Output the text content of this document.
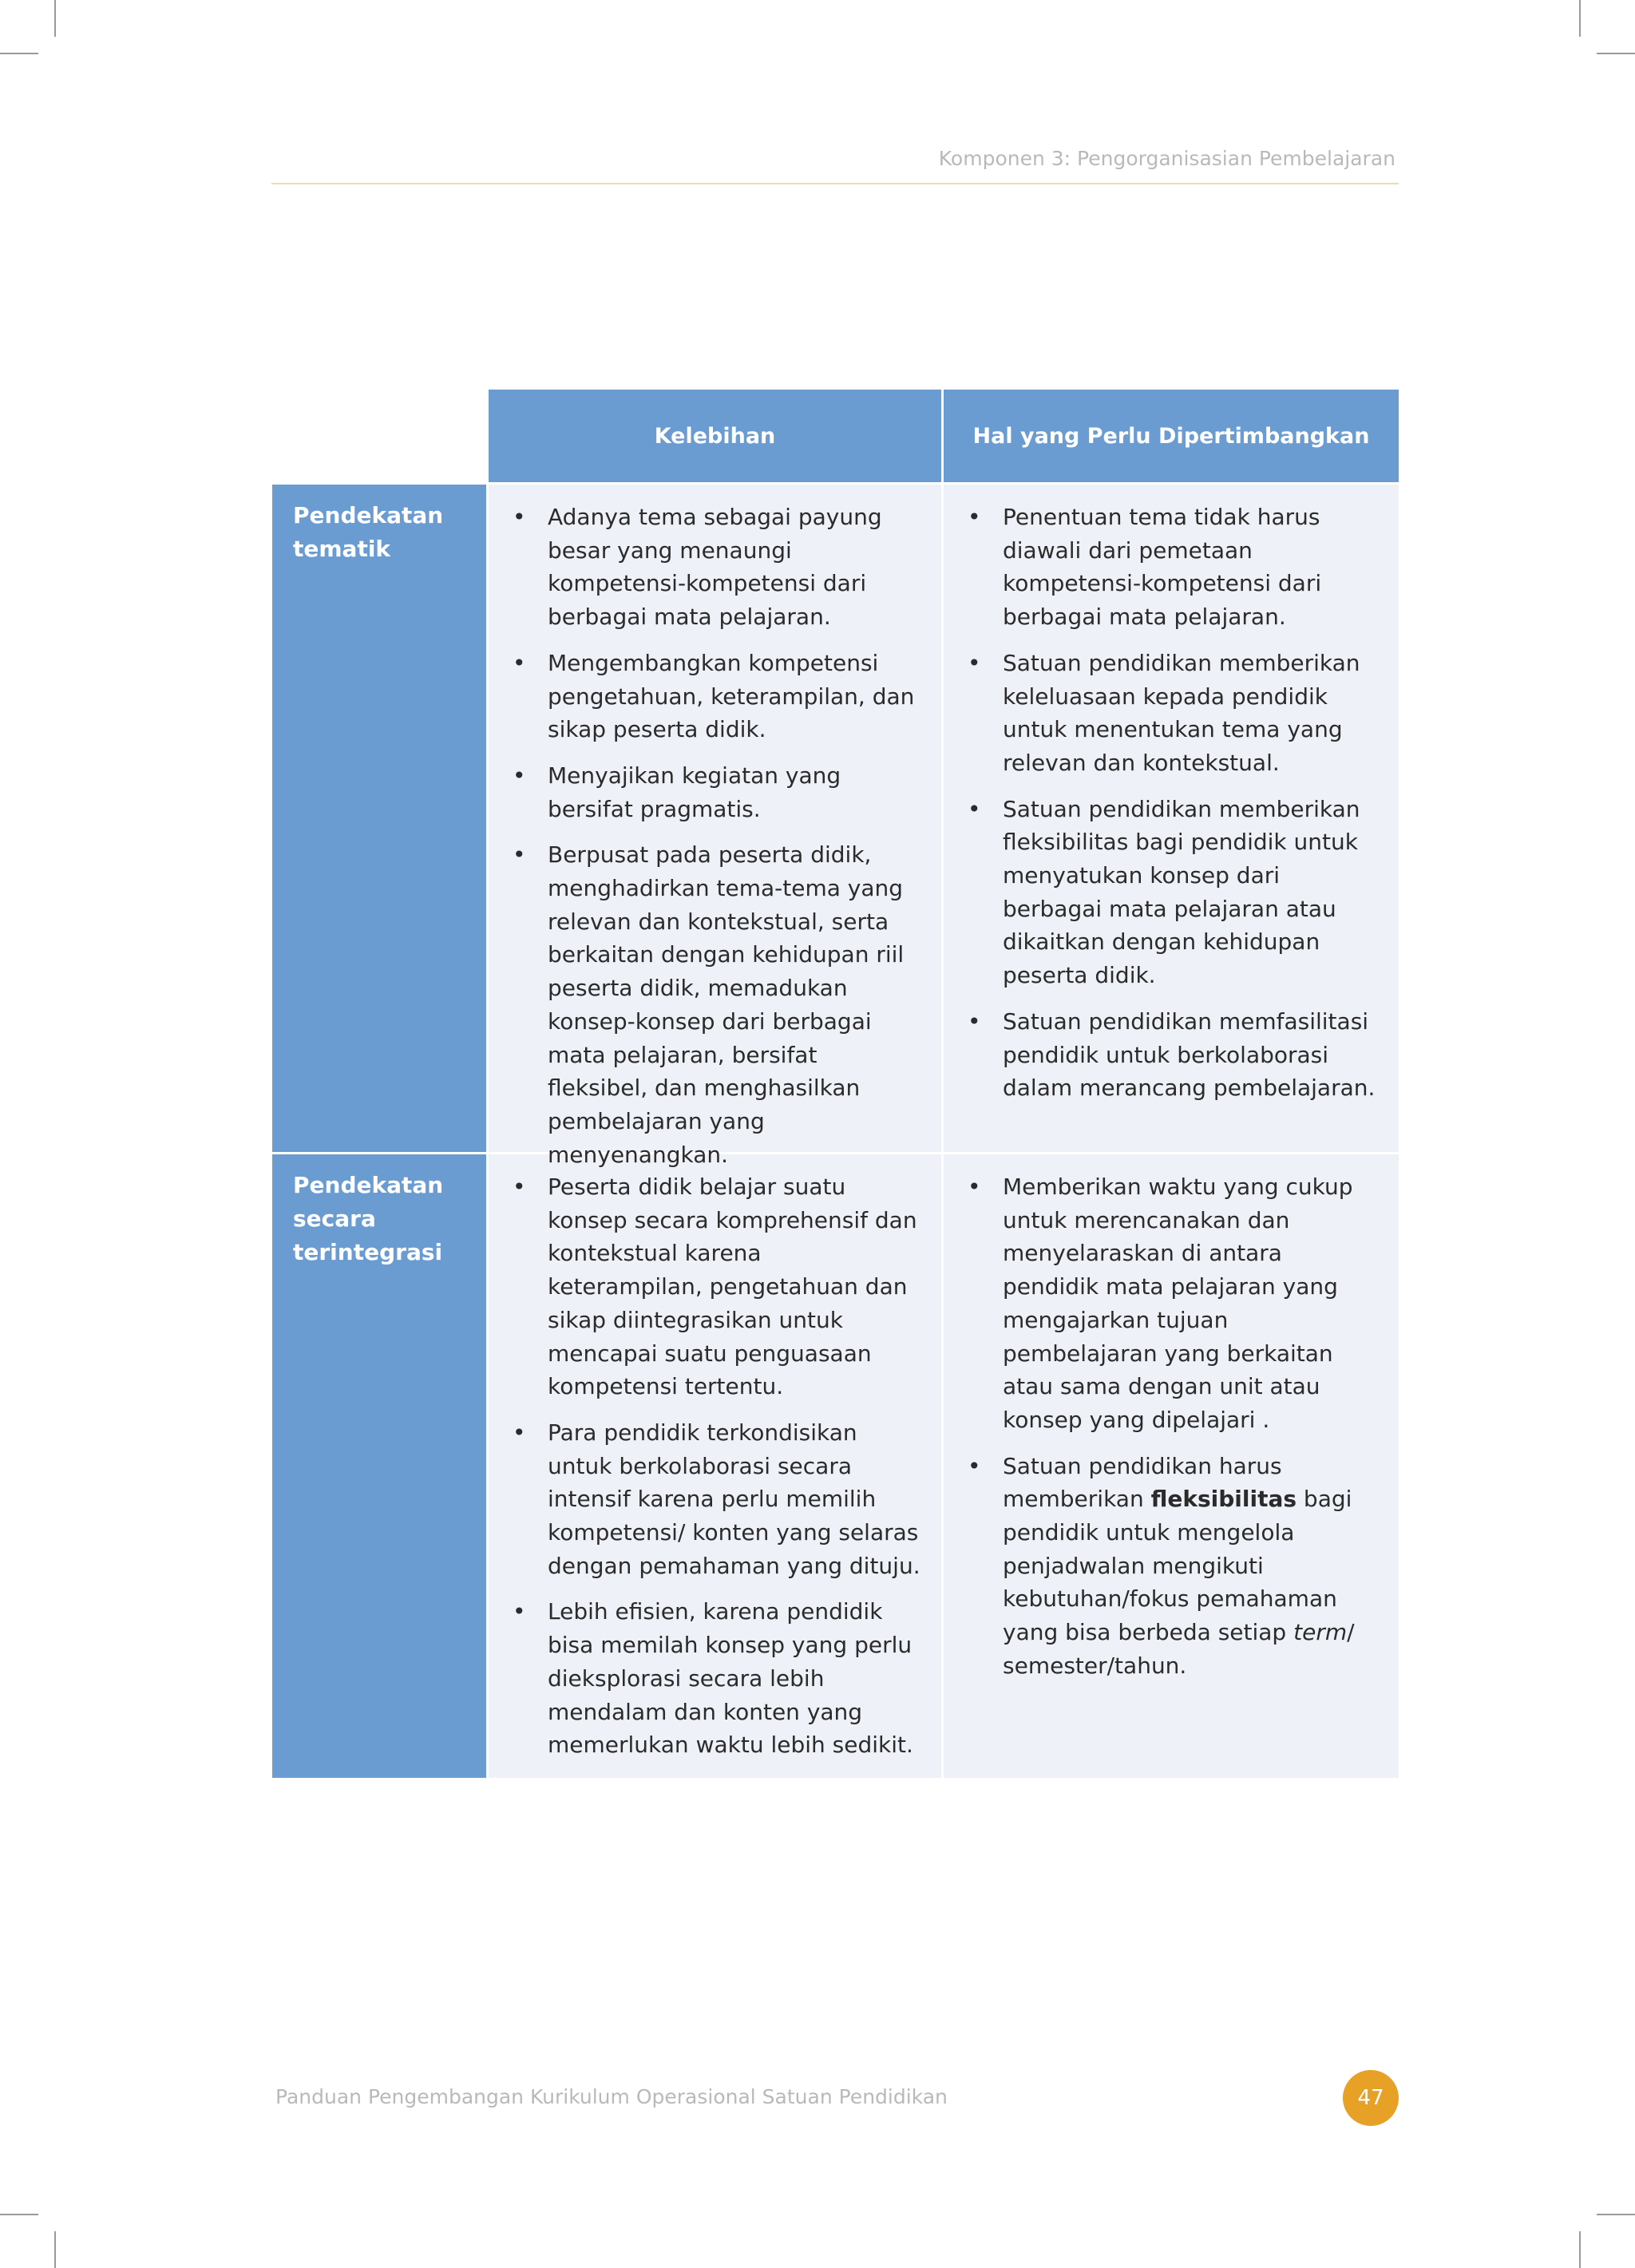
Komponen 3: Pengorganisasian Pembelajaran
Kelebihan	Hal yang Perlu Dipertimbangkan
Pendekatan
tematik
• Adanya tema sebagai payung besar yang menaungi kompetensi-kompetensi dari berbagai mata pelajaran.
• Mengembangkan kompetensi pengetahuan, keterampilan, dan sikap peserta didik.
• Menyajikan kegiatan yang bersifat pragmatis.
• Berpusat pada peserta didik, menghadirkan tema-tema yang relevan dan kontekstual, serta berkaitan dengan kehidupan riil peserta didik, memadukan konsep-konsep dari berbagai mata pelajaran, bersifat fleksibel, dan menghasilkan pembelajaran yang menyenangkan.
• Penentuan tema tidak harus diawali dari pemetaan kompetensi-kompetensi dari berbagai mata pelajaran.
• Satuan pendidikan memberikan keleluasaan kepada pendidik untuk menentukan tema yang relevan dan kontekstual.
• Satuan pendidikan memberikan fleksibilitas bagi pendidik untuk menyatukan konsep dari berbagai mata pelajaran atau dikaitkan dengan kehidupan peserta didik.
• Satuan pendidikan memfasilitasi pendidik untuk berkolaborasi dalam merancang pembelajaran.
Pendekatan
secara
terintegrasi
• Peserta didik belajar suatu konsep secara komprehensif dan kontekstual karena keterampilan, pengetahuan dan sikap diintegrasikan untuk mencapai suatu penguasaan kompetensi tertentu.
• Para pendidik terkondisikan untuk berkolaborasi secara intensif karena perlu memilih kompetensi/ konten yang selaras dengan pemahaman yang dituju.
• Lebih efisien, karena pendidik bisa memilah konsep yang perlu dieksplorasi secara lebih mendalam dan konten yang memerlukan waktu lebih sedikit.
• Memberikan waktu yang cukup untuk merencanakan dan menyelaraskan di antara pendidik mata pelajaran yang mengajarkan tujuan pembelajaran yang berkaitan atau sama dengan unit atau konsep yang dipelajari .
• Satuan pendidikan harus memberikan fleksibilitas bagi pendidik untuk mengelola penjadwalan mengikuti kebutuhan/fokus pemahaman yang bisa berbeda setiap term/ semester/tahun.
Panduan Pengembangan Kurikulum Operasional Satuan Pendidikan	47
